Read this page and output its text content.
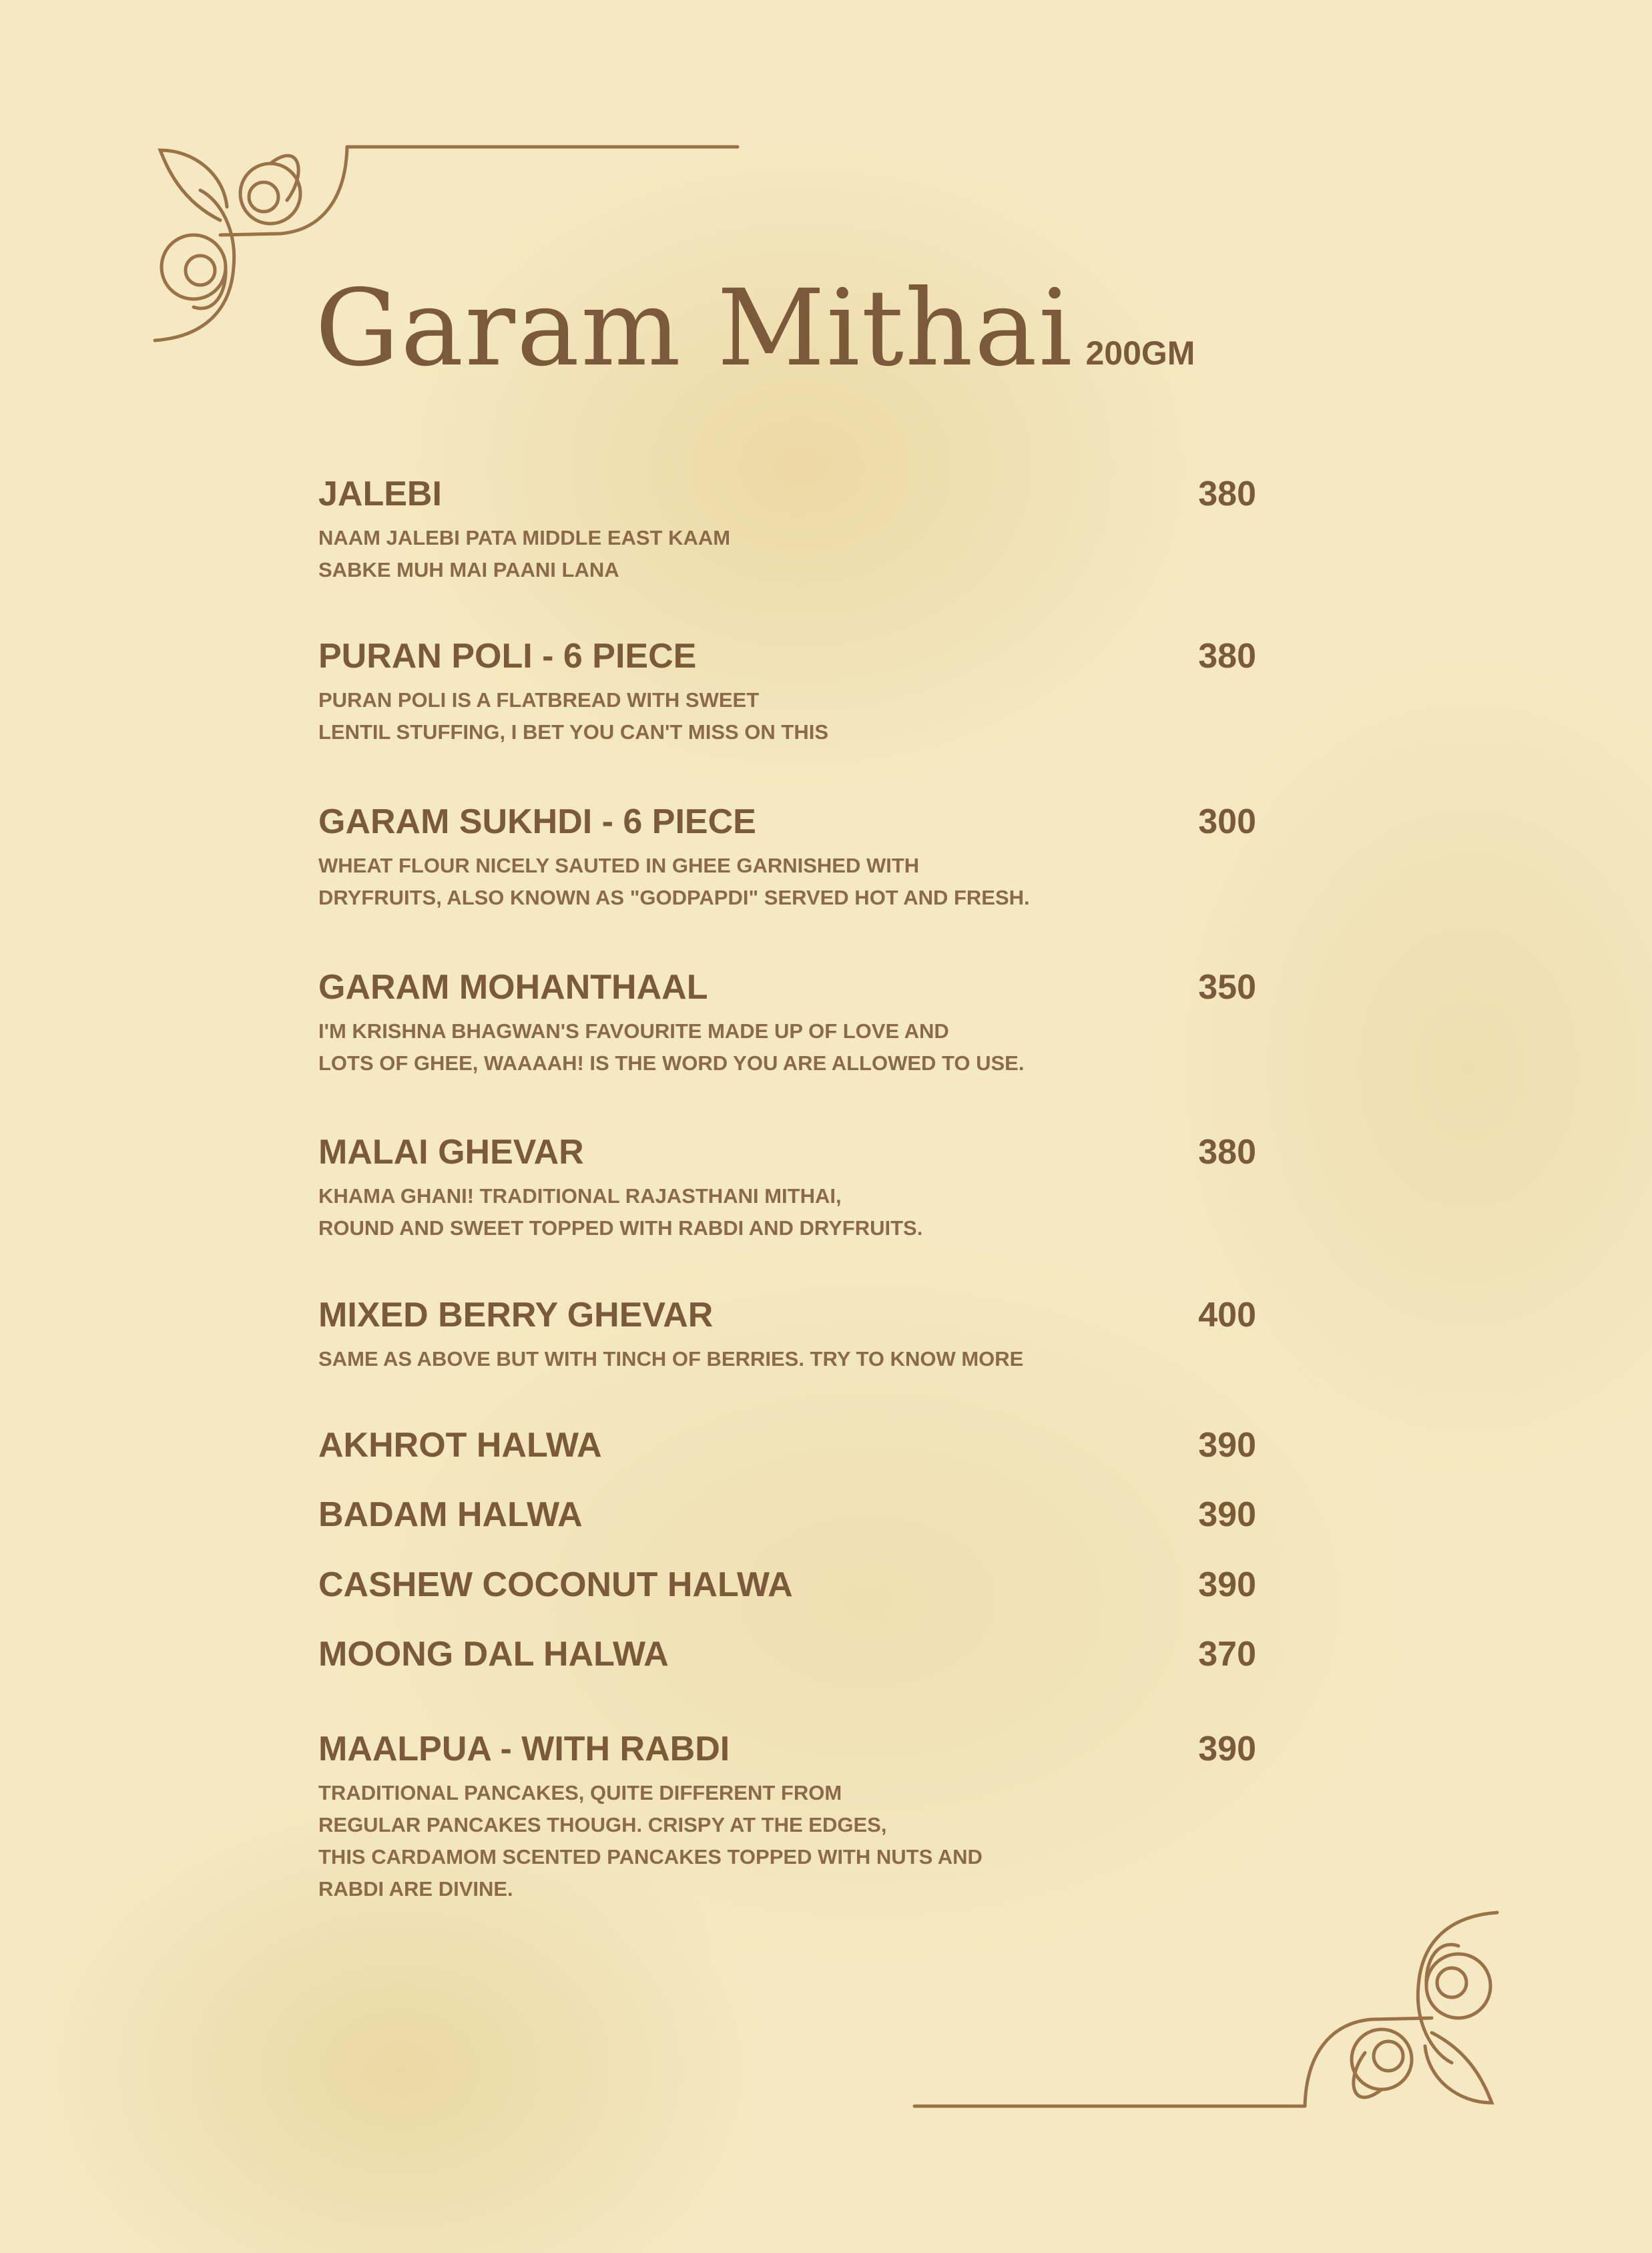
Garam Mithai 200GM
JALEBI	380
NAAM JALEBI PATA MIDDLE EAST KAAM
SABKE MUH MAI PAANI LANA
PURAN POLI - 6 PIECE	380
PURAN POLI IS A FLATBREAD WITH SWEET
LENTIL STUFFING, I BET YOU CAN'T MISS ON THIS
GARAM SUKHDI - 6 PIECE	300
WHEAT FLOUR NICELY SAUTED IN GHEE GARNISHED WITH
DRYFRUITS, ALSO KNOWN AS "GODPAPDI" SERVED HOT AND FRESH.
GARAM MOHANTHAAL	350
I'M KRISHNA BHAGWAN'S FAVOURITE MADE UP OF LOVE AND
LOTS OF GHEE, WAAAAH! IS THE WORD YOU ARE ALLOWED TO USE.
MALAI GHEVAR	380
KHAMA GHANI! TRADITIONAL RAJASTHANI MITHAI,
ROUND AND SWEET TOPPED WITH RABDI AND DRYFRUITS.
MIXED BERRY GHEVAR	400
SAME AS ABOVE BUT WITH TINCH OF BERRIES. TRY TO KNOW MORE
AKHROT HALWA	390
BADAM HALWA	390
CASHEW COCONUT HALWA	390
MOONG DAL HALWA	370
MAALPUA - WITH RABDI	390
TRADITIONAL PANCAKES, QUITE DIFFERENT FROM
REGULAR PANCAKES THOUGH. CRISPY AT THE EDGES,
THIS CARDAMOM SCENTED PANCAKES TOPPED WITH NUTS AND
RABDI ARE DIVINE.
